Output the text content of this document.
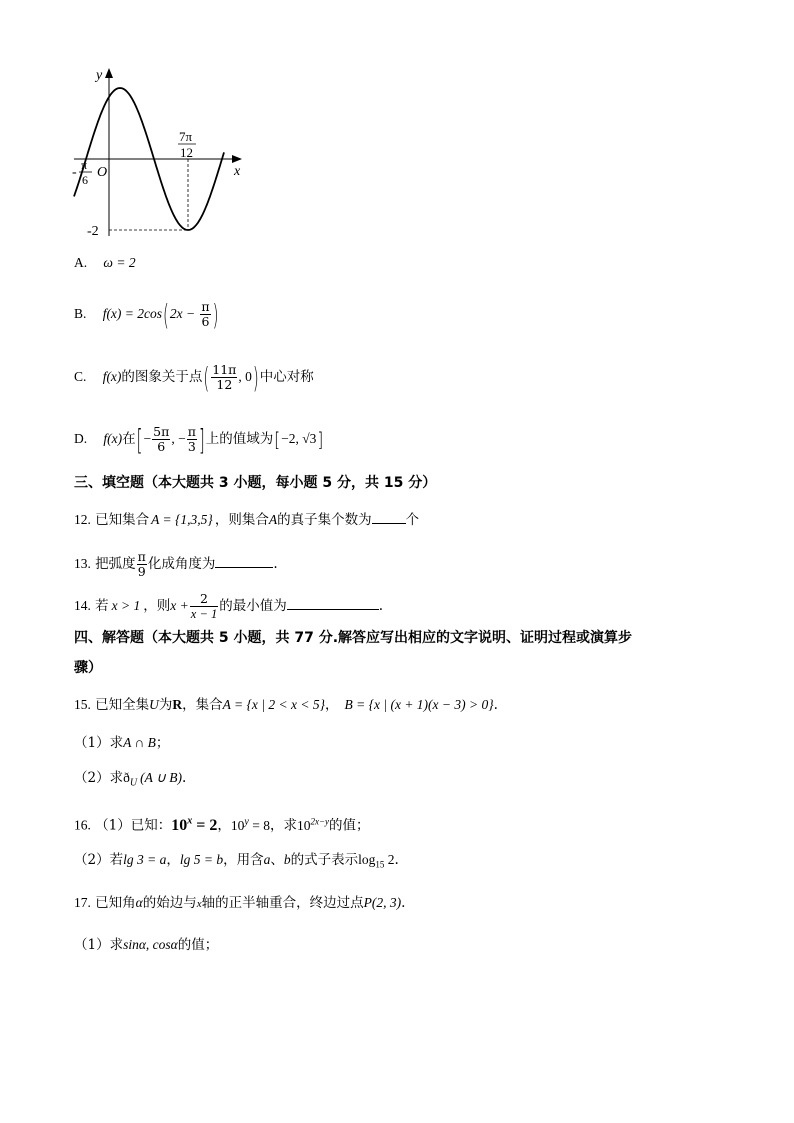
y
x
O
- π
6
7π
12
-2
A. ω = 2
B. $f(x) = 2\cos(2x - \frac{\pi}{6}$ )
C. f(x)的图象关于点( $\frac{11\pi}{12}$ , 0)中心对称
D. f(x)在[− $\frac{5\pi}{6}$ , − $\frac{\pi}{3}$ ]上的值域为[−2, √3]
三、填空题（本大题共 3 小题，每小题 5 分，共 15 分）
12. 已知集合 A = {1,3,5} ，则集合A的真子集个数为	个
13. 把弧度 $\frac{\pi}{9}$ 化成角度为	.
14. 若 x > 1 ，则$x + \frac{2}{x - 1}$ 的最小值为	.
四、解答题（本大题共 5 小题，共 77 分.解答应写出相应的文字说明、证明过程或演算步
骤）
15. 已知全集U为R，集合A = {x | 2 < x < 5}， B = {x | (x + 1)(x − 3) > 0}.
（1）求A ∩ B；
（2）求$ð_U$ (A ∪ B).
16. （1）已知：$10^x = 2$，$10^y = 8$，求$10^{2x-y}$的值；
（2）若lg 3 = a，lg 5 = b，用含a、b的式子表示$\log_{15} 2$.
17. 已知角α的始边与x轴的正半轴重合，终边过点P(2, 3).
（1）求sinα, cosα的值；
